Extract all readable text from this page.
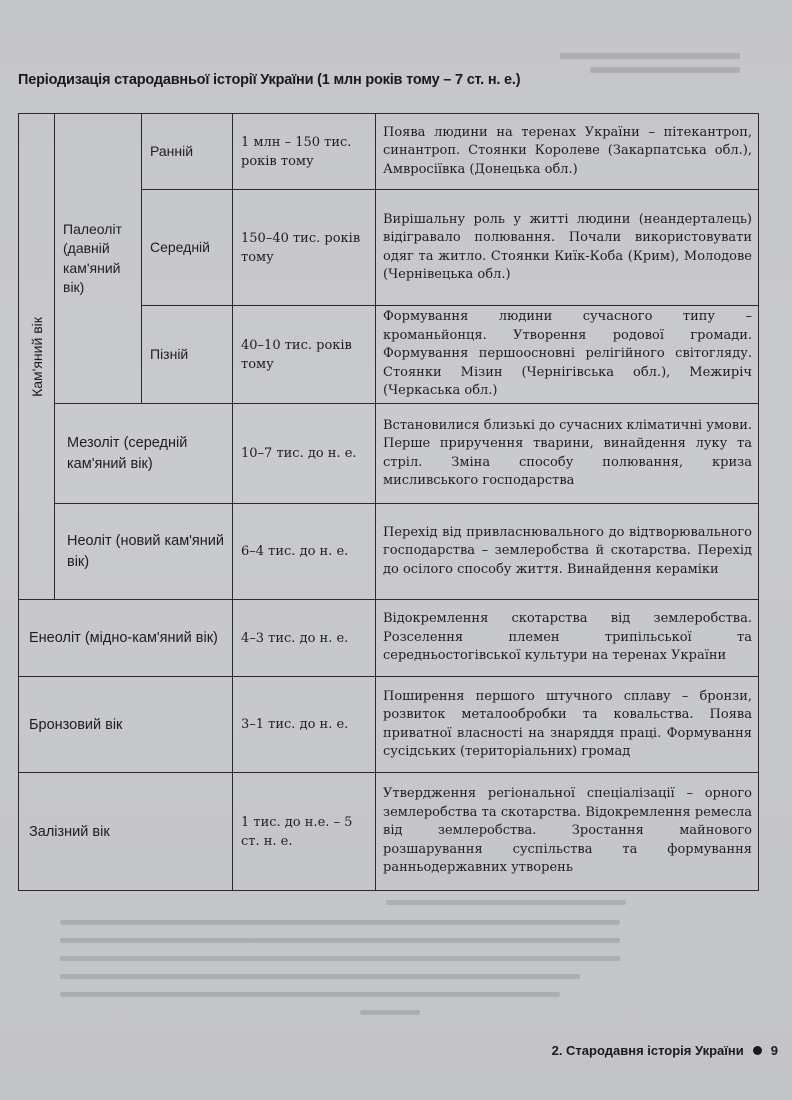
Періодизація стародавньої історії України (1 млн років тому – 7 ст. н. е.)
Кам'яний вік	Палеоліт (давній кам'яний вік)	Ранній	1 млн – 150 тис. років тому	Поява людини на теренах України – пітекантроп, синантроп. Стоянки Королеве (Закарпатська обл.), Амвросіївка (Донецька обл.)
		Середній	150–40 тис. років тому	Вирішальну роль у житті людини (неандерталець) відігравало полювання. Почали використовувати одяг та житло. Стоянки Киїк-Коба (Крим), Молодове (Чернівецька обл.)
		Пізній	40–10 тис. років тому	Формування людини сучасного типу – кроманьйонця. Утворення родової громади. Формування першоосновні релігійного світогляду. Стоянки Мізин (Чернігівська обл.), Межиріч (Черкаська обл.)
	Мезоліт (середній кам'яний вік)		10–7 тис. до н. е.	Встановилися близькі до сучасних кліматичні умови. Перше приручення тварини, винайдення луку та стріл. Зміна способу полювання, криза мисливського господарства
	Неоліт (новий кам'яний вік)		6–4 тис. до н. е.	Перехід від привласнювального до відтворювального господарства – землеробства й скотарства. Перехід до осілого способу життя. Винайдення кераміки
Енеоліт (мідно-кам'яний вік)			4–3 тис. до н. е.	Відокремлення скотарства від землеробства. Розселення племен трипільської та середньостогівської культури на теренах України
Бронзовий вік			3–1 тис. до н. е.	Поширення першого штучного сплаву – бронзи, розвиток металообробки та ковальства. Поява приватної власності на знаряддя праці. Формування сусідських (територіальних) громад
Залізний вік			1 тис. до н.е. – 5 ст. н. е.	Утвердження регіональної спеціалізації – орного землеробства та скотарства. Відокремлення ремесла від землеробства. Зростання майнового розшарування суспільства та формування ранньодержавних утворень
2. Стародавня історія України 9
